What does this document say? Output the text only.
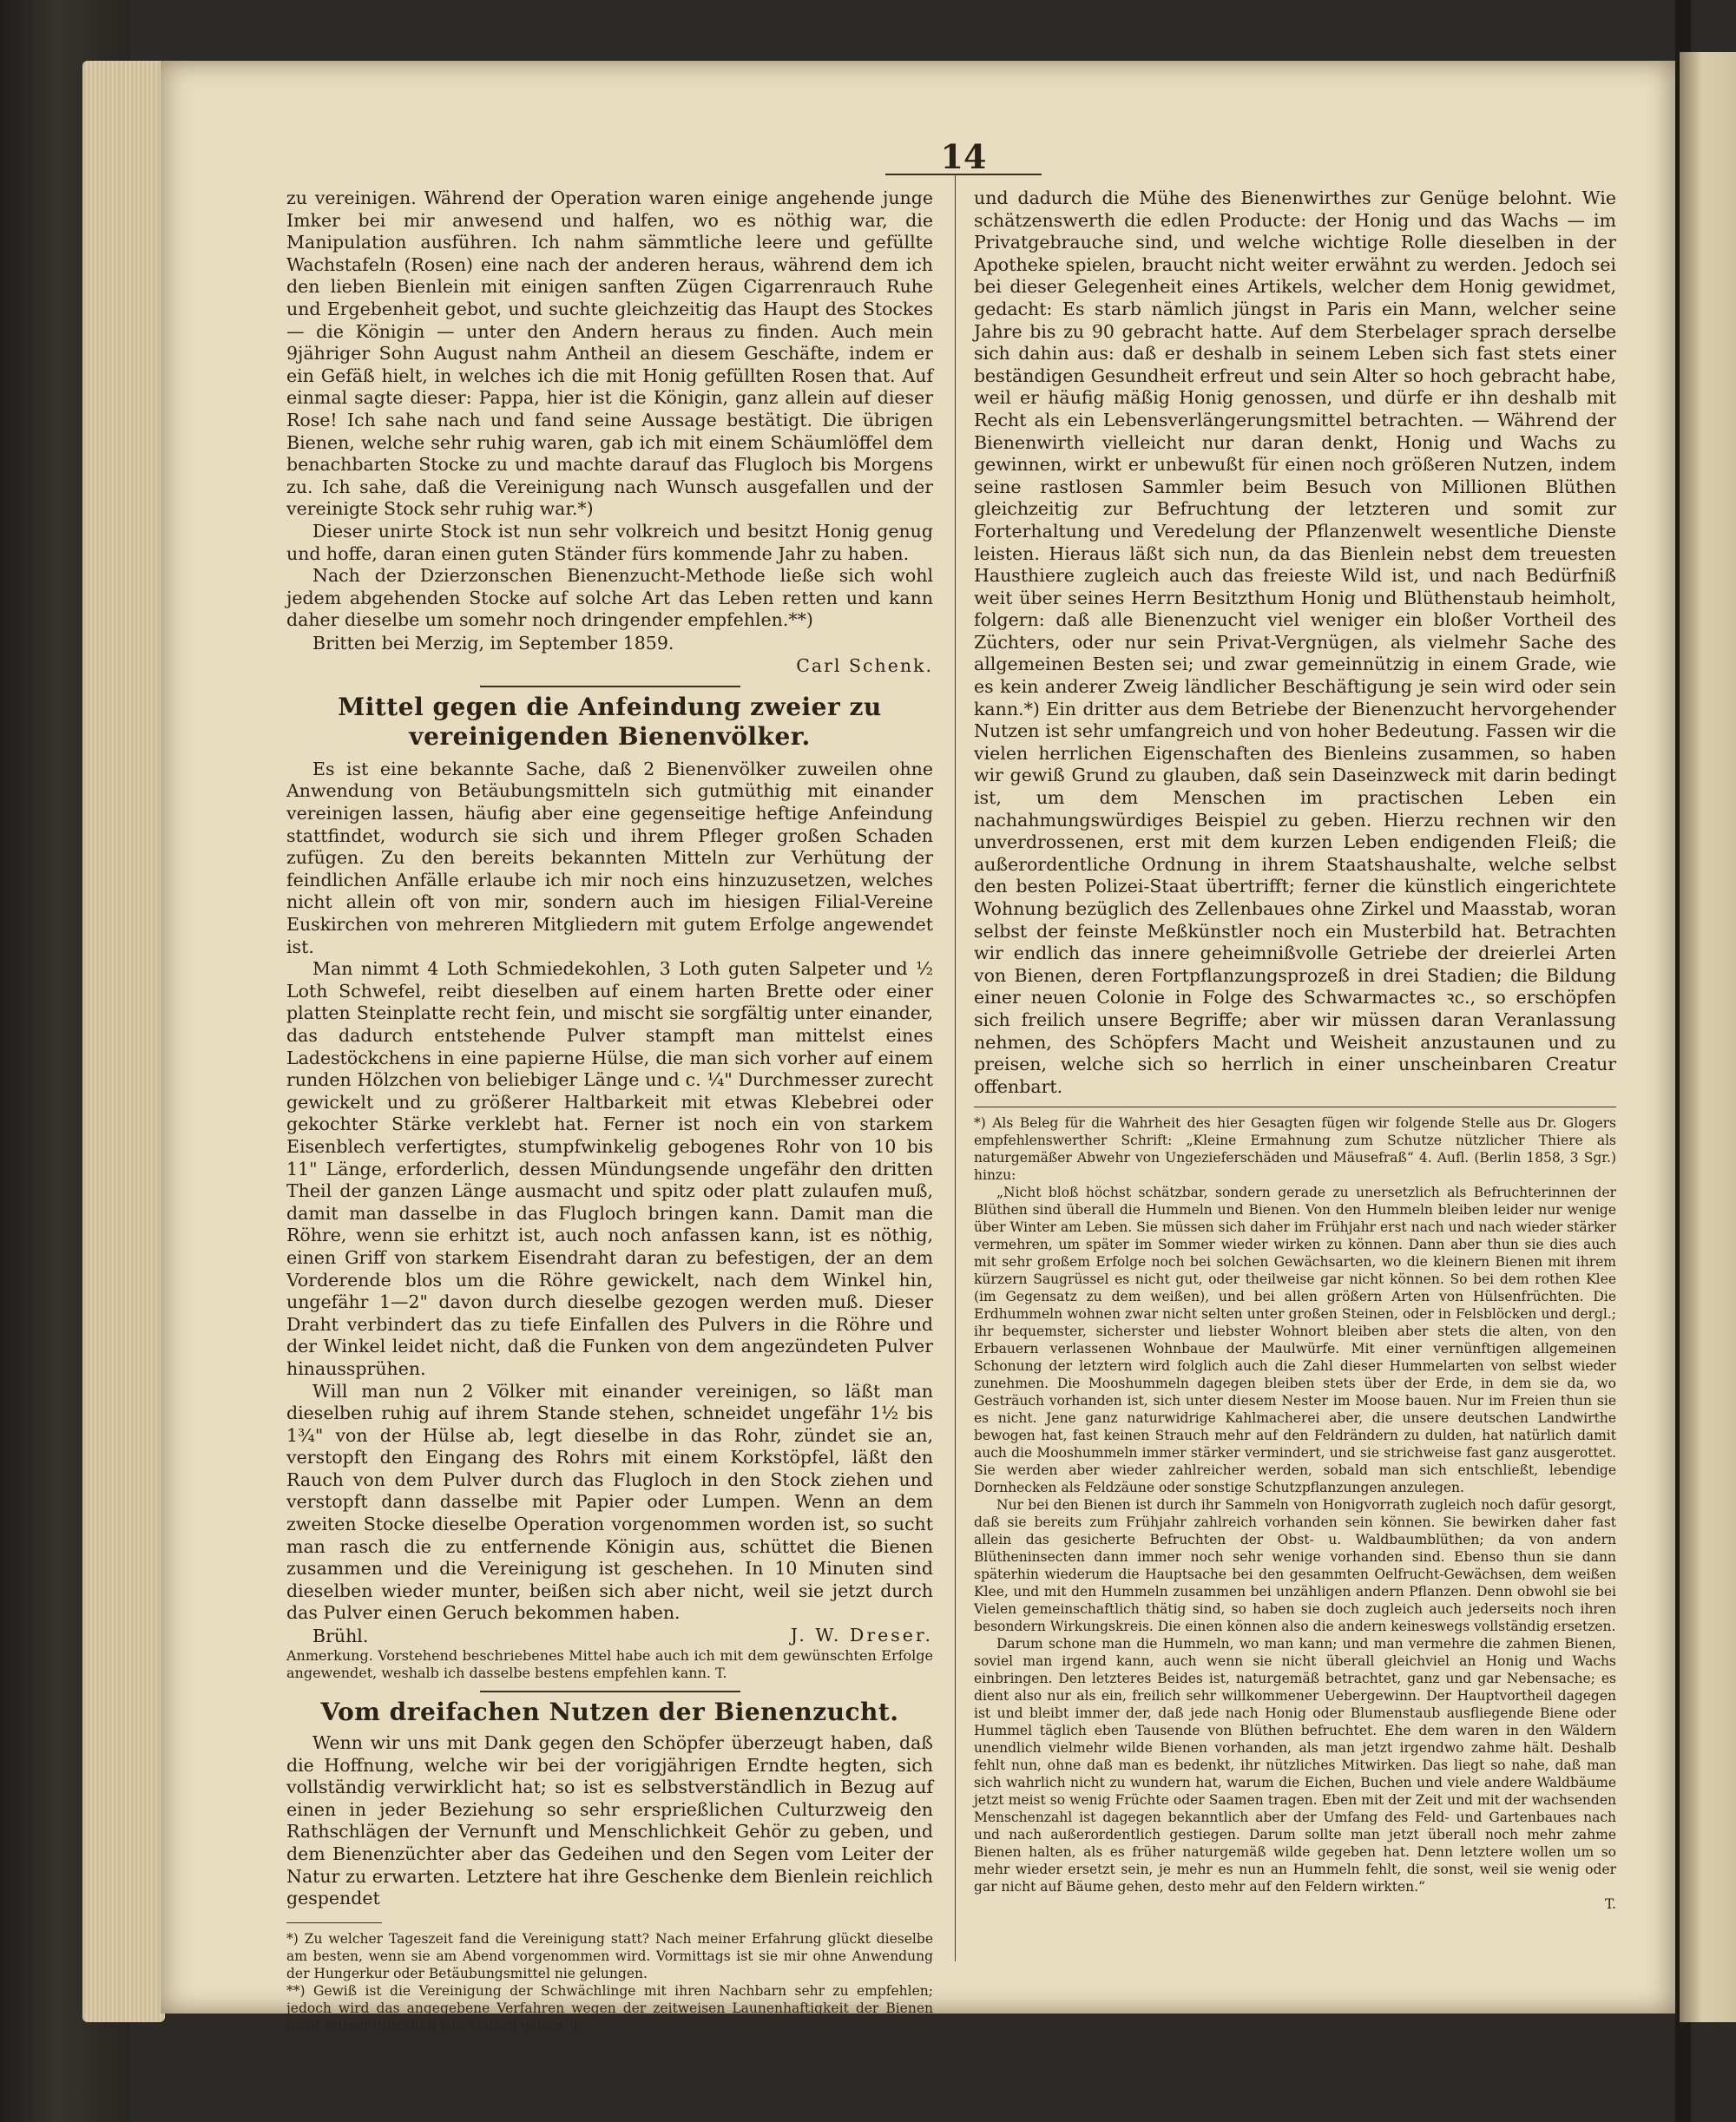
14

zu vereinigen. Während der Operation waren einige angehende junge Imker bei mir anwesend und halfen, wo es nöthig war, die Manipulation ausführen. Ich nahm sämmtliche leere und gefüllte Wachstafeln (Rosen) eine nach der anderen heraus, während dem ich den lieben Bienlein mit einigen sanften Zügen Cigarrenrauch Ruhe und Ergebenheit gebot, und suchte gleichzeitig das Haupt des Stockes — die Königin — unter den Andern heraus zu finden. Auch mein 9jähriger Sohn August nahm Antheil an diesem Geschäfte, indem er ein Gefäß hielt, in welches ich die mit Honig gefüllten Rosen that. Auf einmal sagte dieser: Pappa, hier ist die Königin, ganz allein auf dieser Rose! Ich sahe nach und fand seine Aussage bestätigt. Die übrigen Bienen, welche sehr ruhig waren, gab ich mit einem Schäumlöffel dem benachbarten Stocke zu und machte darauf das Flugloch bis Morgens zu. Ich sahe, daß die Vereinigung nach Wunsch ausgefallen und der vereinigte Stock sehr ruhig war.*)

Dieser unirte Stock ist nun sehr volkreich und besitzt Honig genug und hoffe, daran einen guten Ständer fürs kommende Jahr zu haben.

Nach der Dzierzonschen Bienenzucht-Methode ließe sich wohl jedem abgehenden Stocke auf solche Art das Leben retten und kann daher dieselbe um somehr noch dringender empfehlen.**)

Britten bei Merzig, im September 1859.
Carl Schenk.
Mittel gegen die Anfeindung zweier zu vereinigenden Bienenvölker.

Es ist eine bekannte Sache, daß 2 Bienenvölker zuweilen ohne Anwendung von Betäubungsmitteln sich gutmüthig mit einander vereinigen lassen, häufig aber eine gegenseitige heftige Anfeindung stattfindet, wodurch sie sich und ihrem Pfleger großen Schaden zufügen. Zu den bereits bekannten Mitteln zur Verhütung der feindlichen Anfälle erlaube ich mir noch eins hinzuzusetzen, welches nicht allein oft von mir, sondern auch im hiesigen Filial-Vereine Euskirchen von mehreren Mitgliedern mit gutem Erfolge angewendet ist.

Man nimmt 4 Loth Schmiedekohlen, 3 Loth guten Salpeter und ½ Loth Schwefel, reibt dieselben auf einem harten Brette oder einer platten Steinplatte recht fein, und mischt sie sorgfältig unter einander, das dadurch entstehende Pulver stampft man mittelst eines Ladestöckchens in eine papierne Hülse, die man sich vorher auf einem runden Hölzchen von beliebiger Länge und c. ¼" Durchmesser zurecht gewickelt und zu größerer Haltbarkeit mit etwas Klebebrei oder gekochter Stärke verklebt hat. Ferner ist noch ein von starkem Eisenblech verfertigtes, stumpfwinkelig gebogenes Rohr von 10 bis 11" Länge, erforderlich, dessen Mündungsende ungefähr den dritten Theil der ganzen Länge ausmacht und spitz oder platt zulaufen muß, damit man dasselbe in das Flugloch bringen kann. Damit man die Röhre, wenn sie erhitzt ist, auch noch anfassen kann, ist es nöthig, einen Griff von starkem Eisendraht daran zu befestigen, der an dem Vorderende blos um die Röhre gewickelt, nach dem Winkel hin, ungefähr 1—2" davon durch dieselbe gezogen werden muß. Dieser Draht verbindert das zu tiefe Einfallen des Pulvers in die Röhre und der Winkel leidet nicht, daß die Funken von dem angezündeten Pulver hinaussprühen.

Will man nun 2 Völker mit einander vereinigen, so läßt man dieselben ruhig auf ihrem Stande stehen, schneidet ungefähr 1½ bis 1¾" von der Hülse ab, legt dieselbe in das Rohr, zündet sie an, verstopft den Eingang des Rohrs mit einem Korkstöpfel, läßt den Rauch von dem Pulver durch das Flugloch in den Stock ziehen und verstopft dann dasselbe mit Papier oder Lumpen. Wenn an dem zweiten Stocke dieselbe Operation vorgenommen worden ist, so sucht man rasch die zu entfernende Königin aus, schüttet die Bienen zusammen und die Vereinigung ist geschehen. In 10 Minuten sind dieselben wieder munter, beißen sich aber nicht, weil sie jetzt durch das Pulver einen Geruch bekommen haben.

Brühl.	J. W. Dreser.

Anmerkung. Vorstehend beschriebenes Mittel habe auch ich mit dem gewünschten Erfolge angewendet, weshalb ich dasselbe bestens empfehlen kann. T.

Vom dreifachen Nutzen der Bienenzucht.

Wenn wir uns mit Dank gegen den Schöpfer überzeugt haben, daß die Hoffnung, welche wir bei der vorigjährigen Erndte hegten, sich vollständig verwirklicht hat; so ist es selbstverständlich in Bezug auf einen in jeder Beziehung so sehr ersprießlichen Culturzweig den Rathschlägen der Vernunft und Menschlichkeit Gehör zu geben, und dem Bienenzüchter aber das Gedeihen und den Segen vom Leiter der Natur zu erwarten. Letztere hat ihre Geschenke dem Bienlein reichlich gespendet

*) Zu welcher Tageszeit fand die Vereinigung statt? Nach meiner Erfahrung glückt dieselbe am besten, wenn sie am Abend vorgenommen wird. Vormittags ist sie mir ohne Anwendung der Hungerkur oder Betäubungsmittel nie gelungen.

**) Gewiß ist die Vereinigung der Schwächlinge mit ihren Nachbarn sehr zu empfehlen; jedoch wird das angegebene Verfahren wegen der zeitweisen Launenhaftigkeit der Bienen nicht immer glücklich von statten gehen. T.

und dadurch die Mühe des Bienenwirthes zur Genüge belohnt. Wie schätzenswerth die edlen Producte: der Honig und das Wachs — im Privatgebrauche sind, und welche wichtige Rolle dieselben in der Apotheke spielen, braucht nicht weiter erwähnt zu werden. Jedoch sei bei dieser Gelegenheit eines Artikels, welcher dem Honig gewidmet, gedacht: Es starb nämlich jüngst in Paris ein Mann, welcher seine Jahre bis zu 90 gebracht hatte. Auf dem Sterbelager sprach derselbe sich dahin aus: daß er deshalb in seinem Leben sich fast stets einer beständigen Gesundheit erfreut und sein Alter so hoch gebracht habe, weil er häufig mäßig Honig genossen, und dürfe er ihn deshalb mit Recht als ein Lebensverlängerungsmittel betrachten. — Während der Bienenwirth vielleicht nur daran denkt, Honig und Wachs zu gewinnen, wirkt er unbewußt für einen noch größeren Nutzen, indem seine rastlosen Sammler beim Besuch von Millionen Blüthen gleichzeitig zur Befruchtung der letzteren und somit zur Forterhaltung und Veredelung der Pflanzenwelt wesentliche Dienste leisten. Hieraus läßt sich nun, da das Bienlein nebst dem treuesten Hausthiere zugleich auch das freieste Wild ist, und nach Bedürfniß weit über seines Herrn Besitzthum Honig und Blüthenstaub heimholt, folgern: daß alle Bienenzucht viel weniger ein bloßer Vortheil des Züchters, oder nur sein Privat-Vergnügen, als vielmehr Sache des allgemeinen Besten sei; und zwar gemeinnützig in einem Grade, wie es kein anderer Zweig ländlicher Beschäftigung je sein wird oder sein kann.*) Ein dritter aus dem Betriebe der Bienenzucht hervorgehender Nutzen ist sehr umfangreich und von hoher Bedeutung. Fassen wir die vielen herrlichen Eigenschaften des Bienleins zusammen, so haben wir gewiß Grund zu glauben, daß sein Daseinzweck mit darin bedingt ist, um dem Menschen im practischen Leben ein nachahmungswürdiges Beispiel zu geben. Hierzu rechnen wir den unverdrossenen, erst mit dem kurzen Leben endigenden Fleiß; die außerordentliche Ordnung in ihrem Staatshaushalte, welche selbst den besten Polizei-Staat übertrifft; ferner die künstlich eingerichtete Wohnung bezüglich des Zellenbaues ohne Zirkel und Maasstab, woran selbst der feinste Meßkünstler noch ein Musterbild hat. Betrachten wir endlich das innere geheimnißvolle Getriebe der dreierlei Arten von Bienen, deren Fortpflanzungsprozeß in drei Stadien; die Bildung einer neuen Colonie in Folge des Schwarmactes ꝛc., so erschöpfen sich freilich unsere Begriffe; aber wir müssen daran Veranlassung nehmen, des Schöpfers Macht und Weisheit anzustaunen und zu preisen, welche sich so herrlich in einer unscheinbaren Creatur offenbart.

*) Als Beleg für die Wahrheit des hier Gesagten fügen wir folgende Stelle aus Dr. Glogers empfehlenswerther Schrift: „Kleine Ermahnung zum Schutze nützlicher Thiere als naturgemäßer Abwehr von Ungezieferschäden und Mäusefraß“ 4. Aufl. (Berlin 1858, 3 Sgr.) hinzu:

„Nicht bloß höchst schätzbar, sondern gerade zu unersetzlich als Befruchterinnen der Blüthen sind überall die Hummeln und Bienen. Von den Hummeln bleiben leider nur wenige über Winter am Leben. Sie müssen sich daher im Frühjahr erst nach und nach wieder stärker vermehren, um später im Sommer wieder wirken zu können. Dann aber thun sie dies auch mit sehr großem Erfolge noch bei solchen Gewächsarten, wo die kleinern Bienen mit ihrem kürzern Saugrüssel es nicht gut, oder theilweise gar nicht können. So bei dem rothen Klee (im Gegensatz zu dem weißen), und bei allen größern Arten von Hülsenfrüchten. Die Erdhummeln wohnen zwar nicht selten unter großen Steinen, oder in Felsblöcken und dergl.; ihr bequemster, sicherster und liebster Wohnort bleiben aber stets die alten, von den Erbauern verlassenen Wohnbaue der Maulwürfe. Mit einer vernünftigen allgemeinen Schonung der letztern wird folglich auch die Zahl dieser Hummelarten von selbst wieder zunehmen. Die Mooshummeln dagegen bleiben stets über der Erde, in dem sie da, wo Gesträuch vorhanden ist, sich unter diesem Nester im Moose bauen. Nur im Freien thun sie es nicht. Jene ganz naturwidrige Kahlmacherei aber, die unsere deutschen Landwirthe bewogen hat, fast keinen Strauch mehr auf den Feldrändern zu dulden, hat natürlich damit auch die Mooshummeln immer stärker vermindert, und sie strichweise fast ganz ausgerottet. Sie werden aber wieder zahlreicher werden, sobald man sich entschließt, lebendige Dornhecken als Feldzäune oder sonstige Schutzpflanzungen anzulegen.

Nur bei den Bienen ist durch ihr Sammeln von Honigvorrath zugleich noch dafür gesorgt, daß sie bereits zum Frühjahr zahlreich vorhanden sein können. Sie bewirken daher fast allein das gesicherte Befruchten der Obst- u. Waldbaumblüthen; da von andern Blütheninsecten dann immer noch sehr wenige vorhanden sind. Ebenso thun sie dann späterhin wiederum die Hauptsache bei den gesammten Oelfrucht-Gewächsen, dem weißen Klee, und mit den Hummeln zusammen bei unzähligen andern Pflanzen. Denn obwohl sie bei Vielen gemeinschaftlich thätig sind, so haben sie doch zugleich auch jederseits noch ihren besondern Wirkungskreis. Die einen können also die andern keineswegs vollständig ersetzen.

Darum schone man die Hummeln, wo man kann; und man vermehre die zahmen Bienen, soviel man irgend kann, auch wenn sie nicht überall gleichviel an Honig und Wachs einbringen. Den letzteres Beides ist, naturgemäß betrachtet, ganz und gar Nebensache; es dient also nur als ein, freilich sehr willkommener Uebergewinn. Der Hauptvortheil dagegen ist und bleibt immer der, daß jede nach Honig oder Blumenstaub ausfliegende Biene oder Hummel täglich eben Tausende von Blüthen befruchtet. Ehe dem waren in den Wäldern unendlich vielmehr wilde Bienen vorhanden, als man jetzt irgendwo zahme hält. Deshalb fehlt nun, ohne daß man es bedenkt, ihr nützliches Mitwirken. Das liegt so nahe, daß man sich wahrlich nicht zu wundern hat, warum die Eichen, Buchen und viele andere Waldbäume jetzt meist so wenig Früchte oder Saamen tragen. Eben mit der Zeit und mit der wachsenden Menschenzahl ist dagegen bekanntlich aber der Umfang des Feld- und Gartenbaues nach und nach außerordentlich gestiegen. Darum sollte man jetzt überall noch mehr zahme Bienen halten, als es früher naturgemäß wilde gegeben hat. Denn letztere wollen um so mehr wieder ersetzt sein, je mehr es nun an Hummeln fehlt, die sonst, weil sie wenig oder gar nicht auf Bäume gehen, desto mehr auf den Feldern wirkten.“

T.
